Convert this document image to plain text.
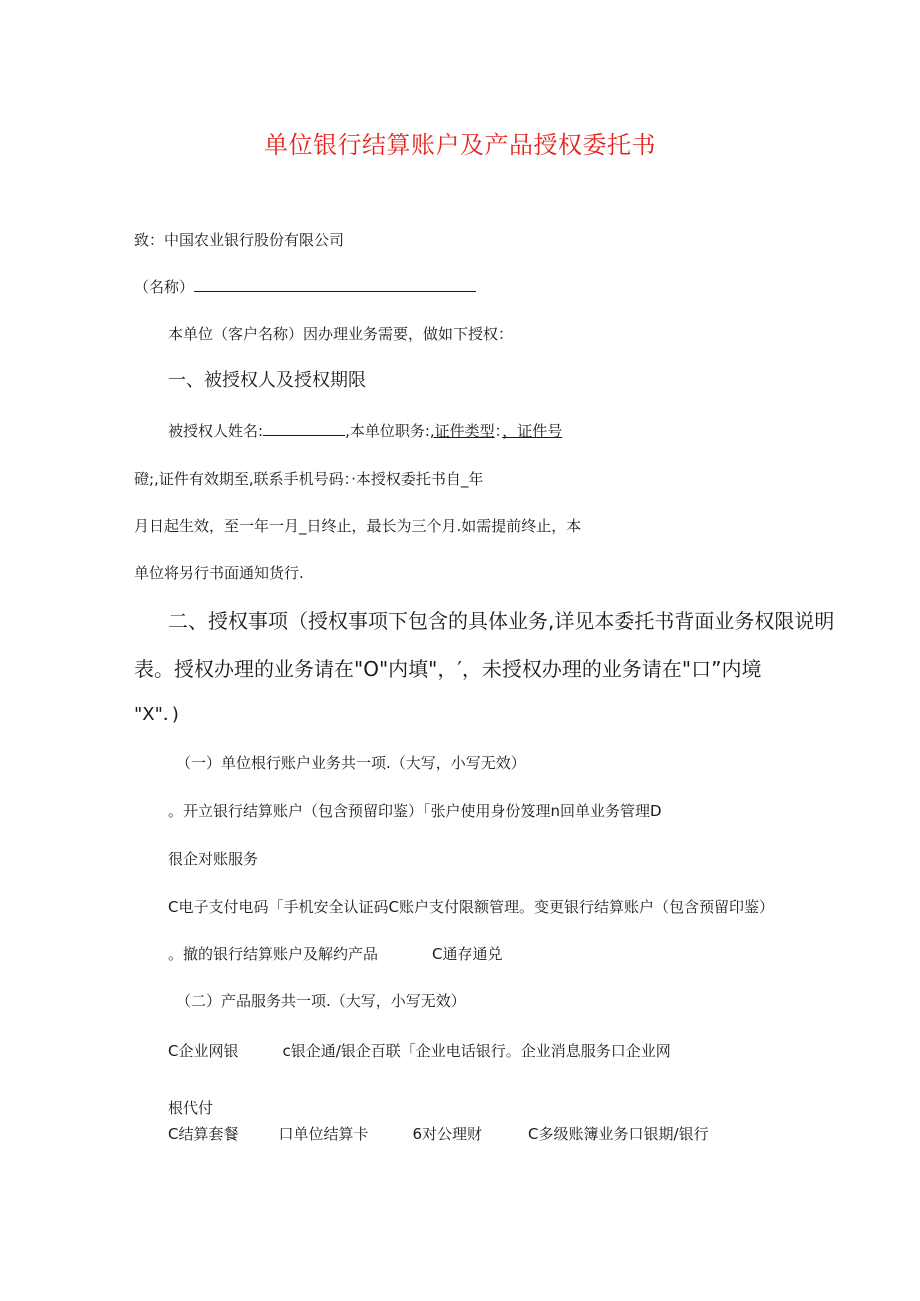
单位银行结算账户及产品授权委托书
致：中国农业银行股份有限公司
（名称）
本单位（客户名称）因办理业务需要，做如下授权：
一、被授权人及授权期限
被授权人姓名:	,本单位职务:,证件类型：，证件号
磴;,证件有效期至,联系手机号码：·本授权委托书自_年
月日起生效，至一年一月_日终止，最长为三个月.如需提前终止，本
单位将另行书面通知货行.
二、授权事项（授权事项下包含的具体业务,详见本委托书背面业务权限说明
表。授权办理的业务请在"O"内填"，′，未授权办理的业务请在"口”内境
"X"．)
（一）单位根行账户业务共一项.（大写，小写无效）
。开立银行结算账户（包含预留印鉴）「张户使用身份笈理n回单业务管理D
很企对账服务
C电子支付电码「手机安全认证码C账户支付限额管理。变更银行结算账户（包含预留印鉴）
。撤的银行结算账户及解约产品	C通存通兑
（二）产品服务共一项.（大写，小写无效）
C企业网银	c银企通/银企百联「企业电话银行。企业消息服务口企业网
根代付
C结算套餐	口单位结算卡	6对公理财	C多级账簿业务口银期/银行
